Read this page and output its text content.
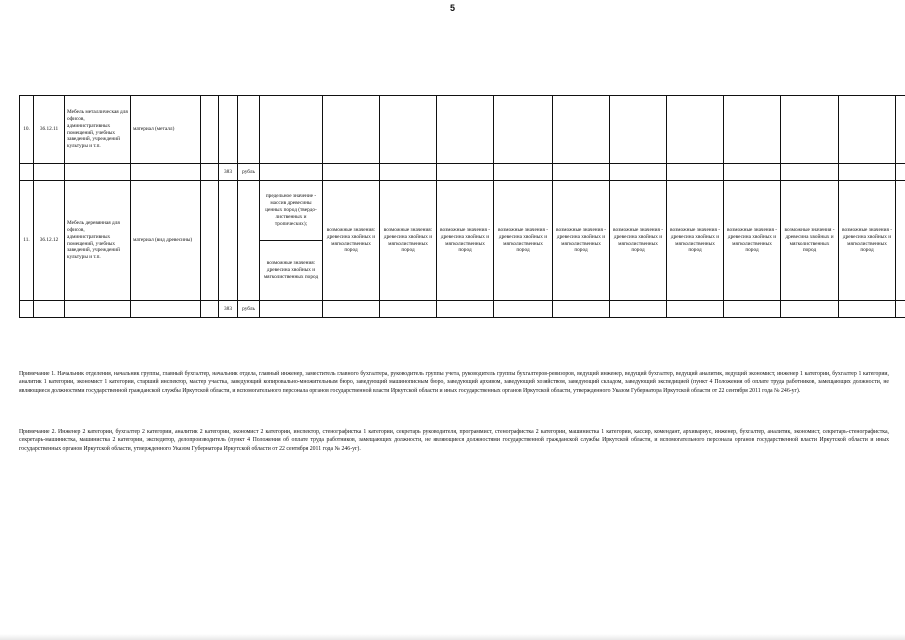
5
10.	36.12.11	Мебель металлическая для офисов, административных помещений, учебных заведений, учреждений культуры и т.п.	материал (металл)																
					383	рубль													
11.	36.12.12	Мебель деревянная для офисов, административных помещений, учебных заведений, учреждений культуры и т.п.	материал (вид древесины)				предельное значение - массив древесины ценных пород (твердо-лиственных и тропических);	возможные значения: древесина хвойных и мягколиственных пород	возможные значения: древесина хвойных и мягколиственных пород	возможные значения - древесина хвойных и мягколиственных пород	возможные значения - древесина хвойных и мягколиственных пород	возможные значения - древесина хвойных и мягколиственных пород	возможные значения - древесина хвойных и мягколиственных пород	возможные значения - древесина хвойных и мягколиственных пород	возможные значения - древесина хвойных и мягколиственных пород	возможные значения - древесина хвойных и мягколиственных пород	возможные значения - древесина хвойных и мягколиственных пород		
							возможные значения: древесина хвойных и мягколиственных пород												
					383	рубль													

Примечание 1. Начальник отделения, начальник группы, главный бухгалтер, начальник отдела, главный инженер, заместитель главного бухгалтера, руководитель группы учета, руководитель группы бухгалтеров-ревизоров, ведущий инженер, ведущий бухгалтер, ведущий аналитик, ведущий экономист, инженер 1 категории, бухгалтер 1 категории, аналитик 1 категории, экономист 1 категории, старший инспектор, мастер участка, заведующий копировально-множительным бюро, заведующий машинописным бюро, заведующий архивом, заведующий хозяйством, заведующий складом, заведующий экспедицией (пункт 4 Положения об оплате труда работников, замещающих должности, не являющиеся должностями государственной гражданской службы Иркутской области, и вспомогательного персонала органов государственной власти Иркутской области и иных государственных органов Иркутской области, утвержденного Указом Губернатора Иркутской области от 22 сентября 2011 года № 246-уг).

Примечание 2. Инженер 2 категории, бухгалтер 2 категории, аналитик 2 категории, экономист 2 категории, инспектор, стенографистка 1 категории, секретарь руководителя, программист, стенографистка 2 категории, машинистка 1 категории, кассир, комендант, архивариус, инженер, бухгалтер, аналитик, экономист, секретарь-стенографистка, секретарь-машинистка, машинистка 2 категории, экспедитор, делопроизводитель (пункт 4 Положения об оплате труда работников, замещающих должности, не являющиеся должностями государственной гражданской службы Иркутской области, и вспомогательного персонала органов государственной власти Иркутской области и иных государственных органов Иркутской области, утвержденного Указом Губернатора Иркутской области от 22 сентября 2011 года № 246-уг).
